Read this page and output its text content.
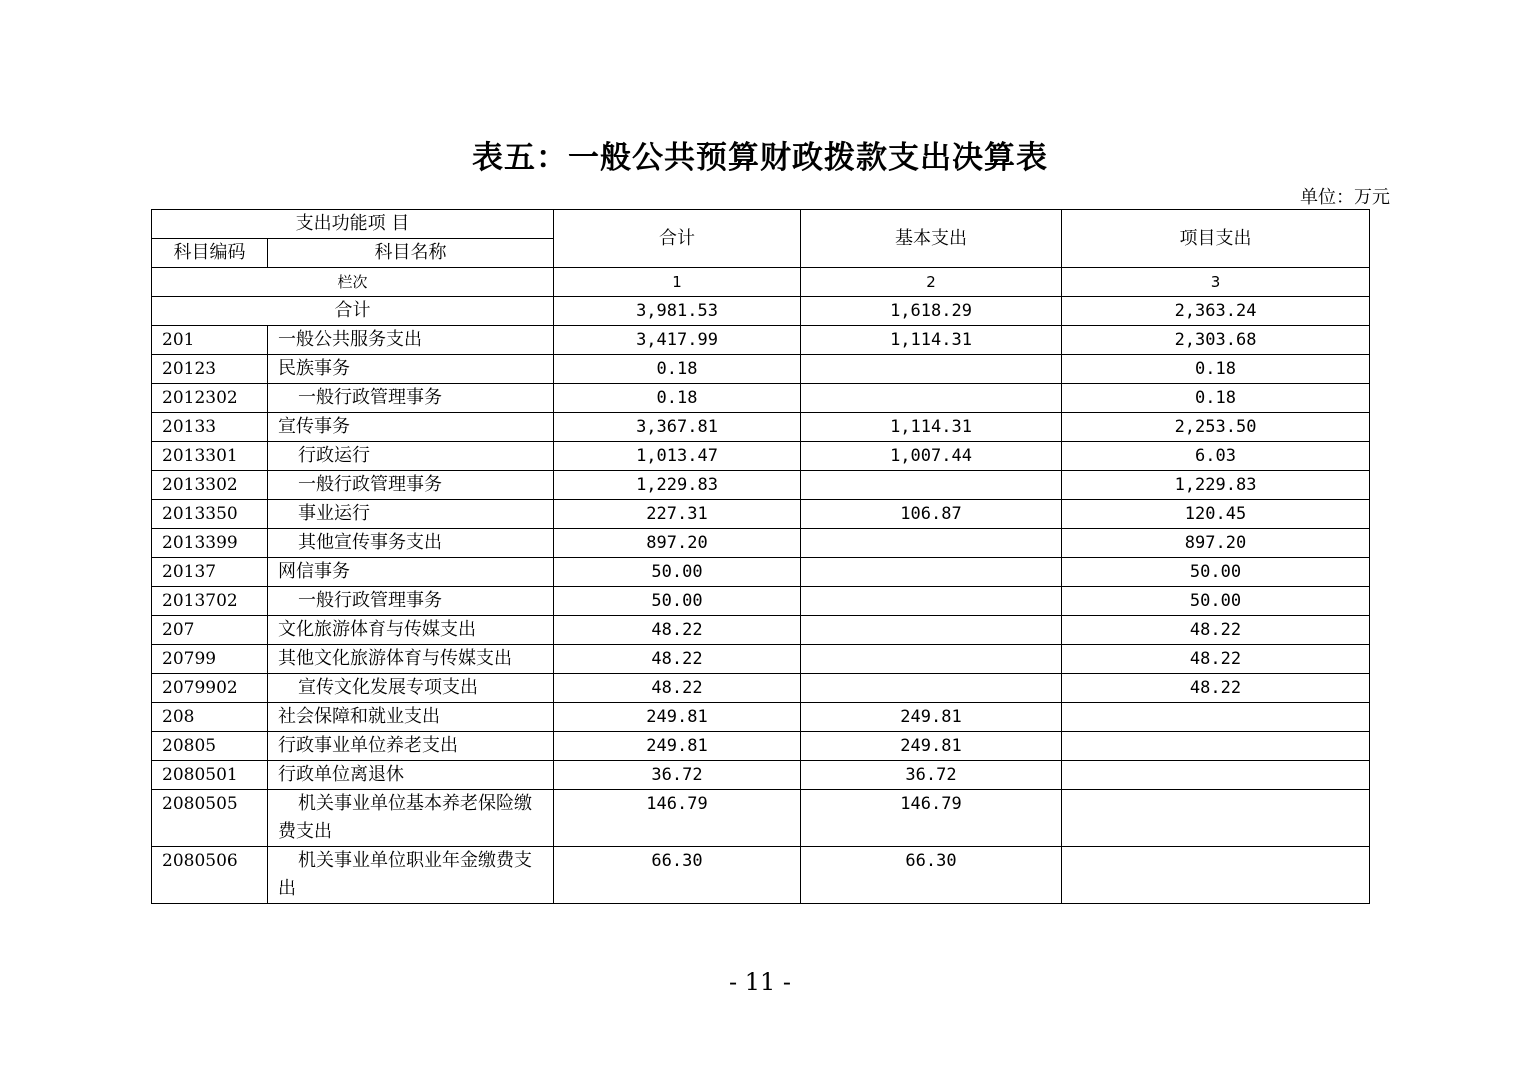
表五：一般公共预算财政拨款支出决算表
单位：万元
支出功能项 目		合计	基本支出	项目支出
科目编码	科目名称			
栏次		1	2	3
合计		3,981.53	1,618.29	2,363.24
201	一般公共服务支出	3,417.99	1,114.31	2,303.68
20123	民族事务	0.18		0.18
2012302	一般行政管理事务	0.18		0.18
20133	宣传事务	3,367.81	1,114.31	2,253.50
2013301	行政运行	1,013.47	1,007.44	6.03
2013302	一般行政管理事务	1,229.83		1,229.83
2013350	事业运行	227.31	106.87	120.45
2013399	其他宣传事务支出	897.20		897.20
20137	网信事务	50.00		50.00
2013702	一般行政管理事务	50.00		50.00
207	文化旅游体育与传媒支出	48.22		48.22
20799	其他文化旅游体育与传媒支出	48.22		48.22
2079902	宣传文化发展专项支出	48.22		48.22
208	社会保障和就业支出	249.81	249.81	
20805	行政事业单位养老支出	249.81	249.81	
2080501	行政单位离退休	36.72	36.72	
2080505	机关事业单位基本养老保险缴费支出	146.79	146.79	
2080506	机关事业单位职业年金缴费支出	66.30	66.30	
- 11 -
